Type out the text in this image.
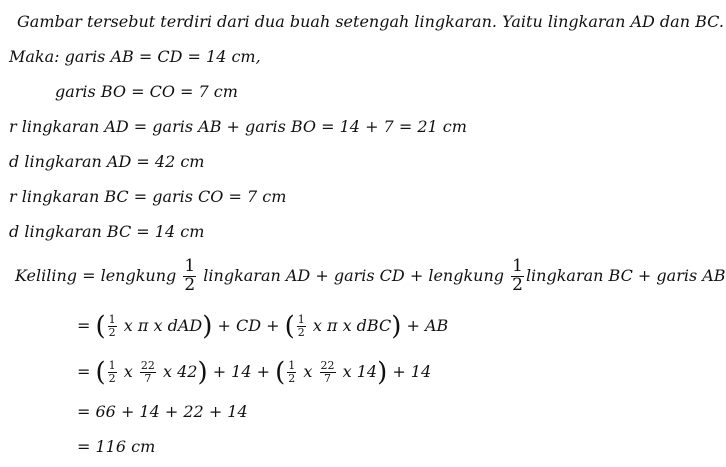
Gambar tersebut terdiri dari dua buah setengah lingkaran. Yaitu lingkaran AD dan BC.
Maka: garis AB = CD = 14 cm,
garis BO = CO = 7 cm
r lingkaran AD = garis AB + garis BO = 14 + 7 = 21 cm
d lingkaran AD = 42 cm
r lingkaran BC = garis CO = 7 cm
d lingkaran BC = 14 cm
Keliling = lengkung $\frac{1}{2}$ lingkaran AD + garis CD + lengkung $\frac{1}{2}$ lingkaran BC + garis AB
= ( $\frac{1}{2}$ x π x dAD) + CD + ( $\frac{1}{2}$ x π x dBC) + AB
= ( $\frac{1}{2}$ x $\frac{22}{7}$ x 42) + 14 + ( $\frac{1}{2}$ x $\frac{22}{7}$ x 14) + 14
= 66 + 14 + 22 + 14
= 116 cm
